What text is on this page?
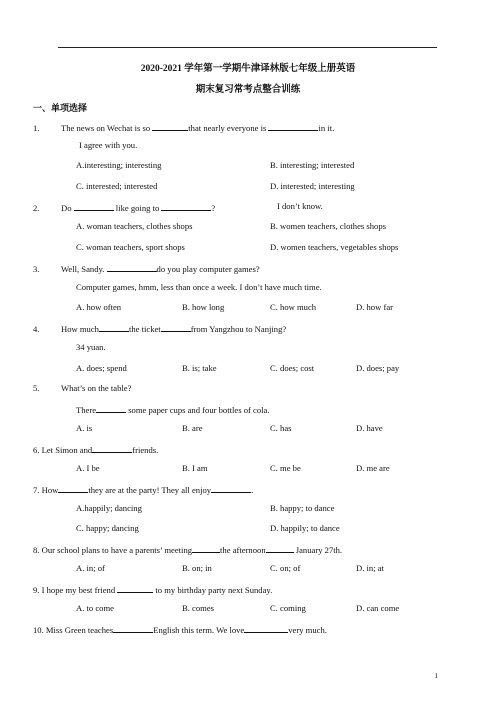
2020-2021 学年第一学期牛津译林版七年级上册英语
期末复习常考点整合训练
一、单项选择
1.	The news on Wechat is so	that nearly everyone is	in it.
I agree with you.
A.interesting; interesting	B. interesting; interested
C. interested; interested	D. interested; interesting
2.	Do	like going to	?	I don’t know.
A. woman teachers, clothes shops	B. women teachers, clothes shops
C. woman teachers, sport shops	D. women teachers, vegetables shops
3.	Well, Sandy.	do you play computer games?
Computer games, hmm, less than once a week. I don’t have much time.
A. how often	B. how long	C. how much	D. how far
4.	How much	the ticket	from Yangzhou to Nanjing?
34 yuan.
A. does; spend	B. is; take	C. does; cost	D. does; pay
5.	What’s on the table?
There	some paper cups and four bottles of cola.
A. is	B. are	C. has	D. have
6. Let Simon and	friends.
A. I be	B. I am	C. me be	D. me are
7. How	they are at the party! They all enjoy	.
A.happily; dancing	B. happy; to dance
C. happy; dancing	D. happily; to dance
8. Our school plans to have a parents’ meeting	the afternoon	January 27th.
A. in; of	B. on; in	C. on; of	D. in; at
9. I hope my best friend	to my birthday party next Sunday.
A. to come	B. comes	C. coming	D. can come
10. Miss Green teaches	English this term. We love	very much.
1
